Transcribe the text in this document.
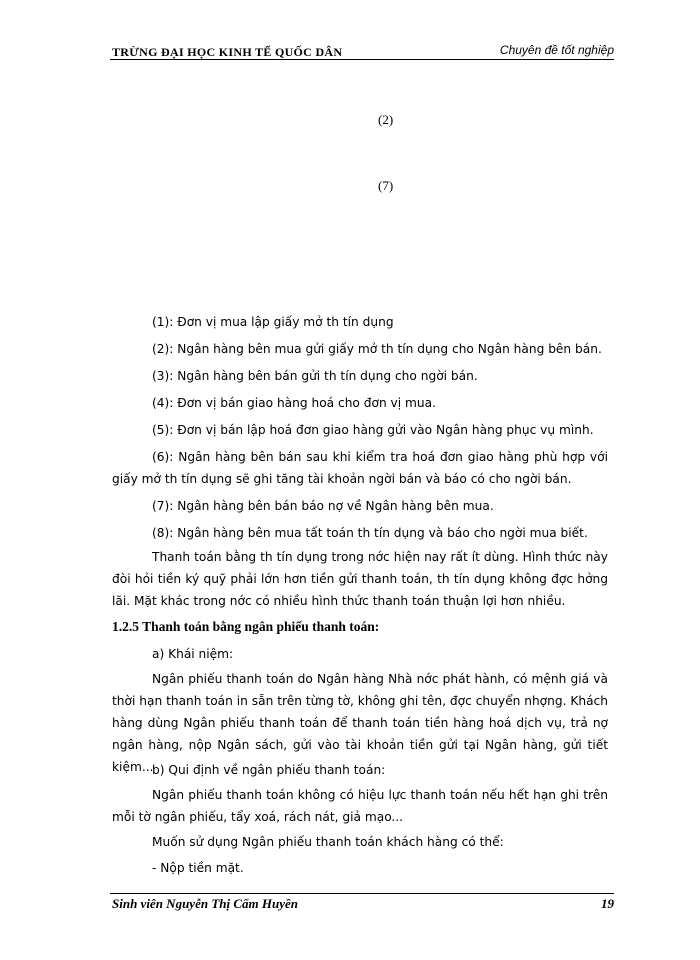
TRỪNG ĐẠI HỌC KINH TẾ QUỐC DÂN	Chuyên đề tốt nghiệp
(2)
(7)
(1): Đơn vị mua lập giấy mở th tín dụng
(2): Ngân hàng bên mua gửi giấy mở th tín dụng cho Ngân hàng bên bán.
(3): Ngân hàng bên bán gửi th tín dụng cho ngời bán.
(4): Đơn vị bán giao hàng hoá cho đơn vị mua.
(5): Đơn vị bán lập hoá đơn giao hàng gửi vào Ngân hàng phục vụ mình.
(6): Ngân hàng bên bán sau khi kiểm tra hoá đơn giao hàng phù hợp với giấy mở th tín dụng sẽ ghi tăng tài khoản ngời bán và báo có cho ngời bán.
(7): Ngân hàng bên bán báo nợ về Ngân hàng bên mua.
(8): Ngân hàng bên mua tất toán th tín dụng và báo cho ngời mua biết.
Thanh toán bằng th tín dụng trong nớc hiện nay rất ít dùng. Hình thức này đòi hỏi tiền ký quỹ phải lớn hơn tiền gửi thanh toán, th tín dụng không đợc hởng lãi. Mặt khác trong nớc có nhiều hình thức thanh toán thuận lợi hơn nhiều.
1.2.5 Thanh toán bằng ngân phiếu thanh toán:
a) Khái niệm:
Ngân phiếu thanh toán do Ngân hàng Nhà nớc phát hành, có mệnh giá và thời hạn thanh toán in sẵn trên từng tờ, không ghi tên, đợc chuyển nhợng. Khách hàng dùng Ngân phiếu thanh toán để thanh toán tiền hàng hoá dịch vụ, trả nợ ngân hàng, nộp Ngân sách, gửi vào tài khoản tiền gửi tại Ngân hàng, gửi tiết kiệm...
b) Qui định về ngân phiếu thanh toán:
Ngân phiếu thanh toán không có hiệu lực thanh toán nếu hết hạn ghi trên mỗi tờ ngân phiếu, tẩy xoá, rách nát, giả mạo...
Muốn sử dụng Ngân phiếu thanh toán khách hàng có thể:
- Nộp tiền mặt.
Sinh viên Nguyễn Thị Cẩm Huyền	19
